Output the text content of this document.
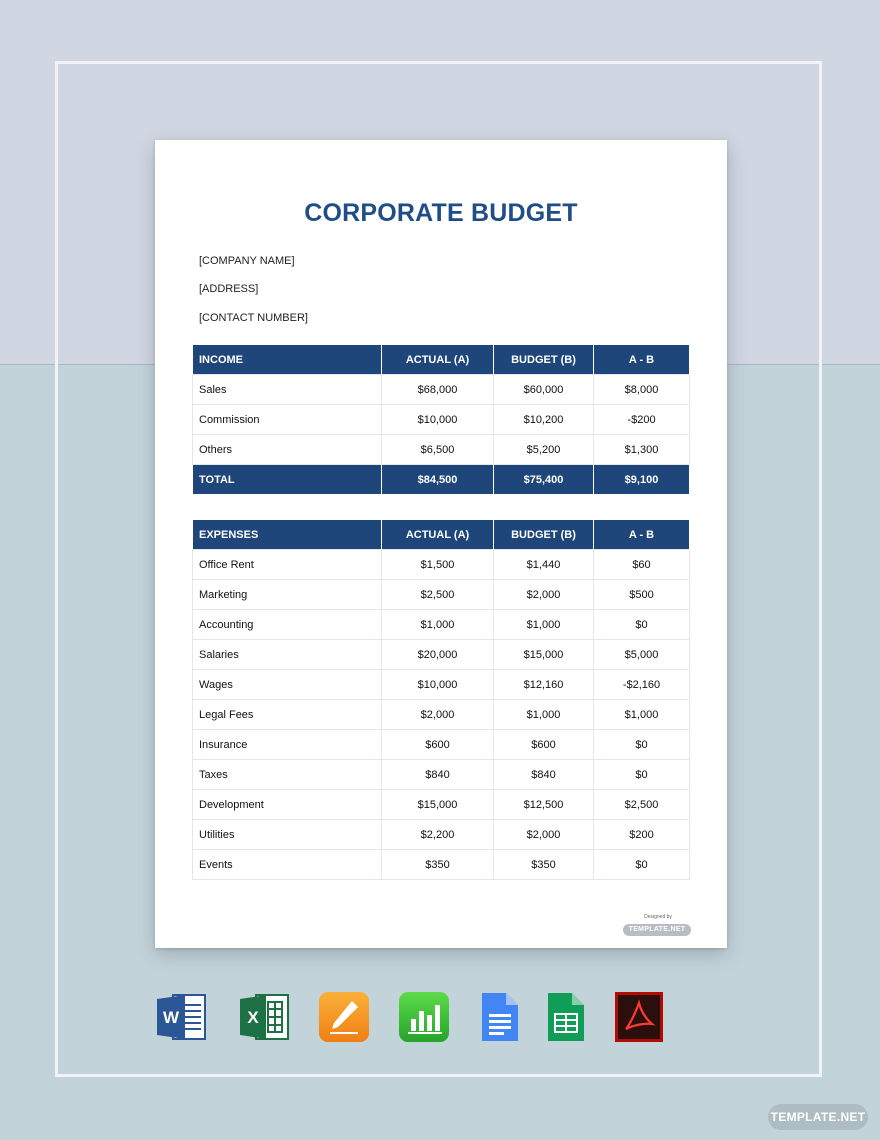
CORPORATE BUDGET
[COMPANY NAME]
[ADDRESS]
[CONTACT NUMBER]
INCOME	ACTUAL (A)	BUDGET (B)	A - B
Sales	$68,000	$60,000	$8,000
Commission	$10,000	$10,200	-$200
Others	$6,500	$5,200	$1,300
TOTAL	$84,500	$75,400	$9,100
EXPENSES	ACTUAL (A)	BUDGET (B)	A - B
Office Rent	$1,500	$1,440	$60
Marketing	$2,500	$2,000	$500
Accounting	$1,000	$1,000	$0
Salaries	$20,000	$15,000	$5,000
Wages	$10,000	$12,160	-$2,160
Legal Fees	$2,000	$1,000	$1,000
Insurance	$600	$600	$0
Taxes	$840	$840	$0
Development	$15,000	$12,500	$2,500
Utilities	$2,200	$2,000	$200
Events	$350	$350	$0
Designed by
TEMPLATE.NET
W	X
TEMPLATE.NET
